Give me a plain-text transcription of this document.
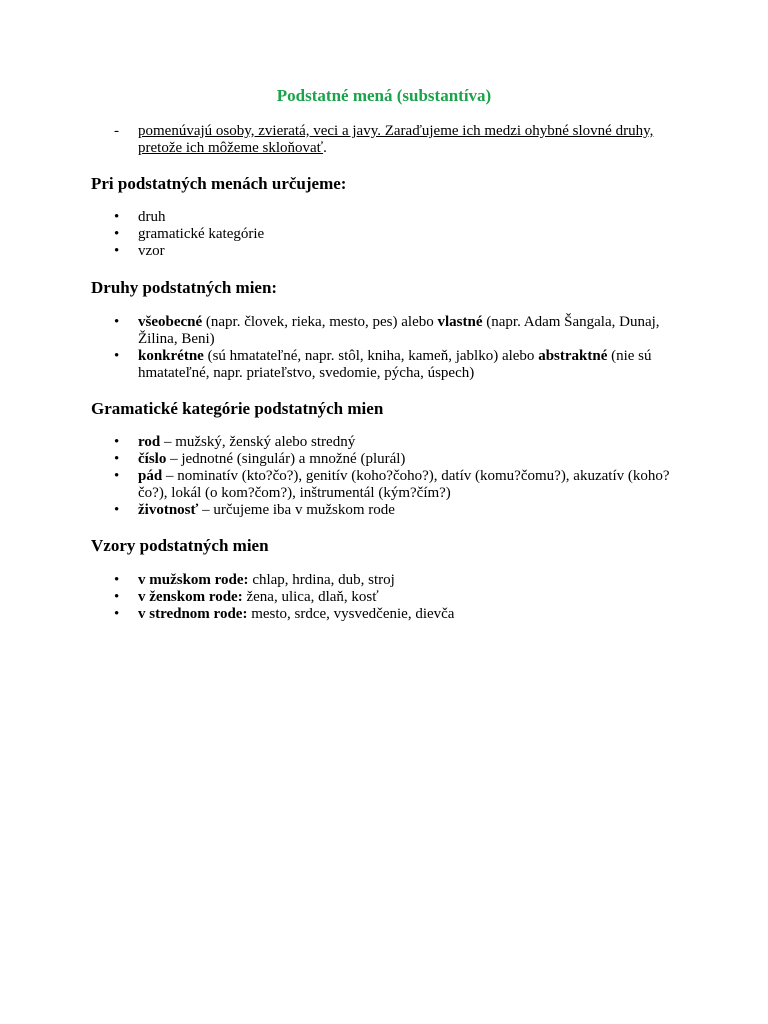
Podstatné mená (substantíva)
-	pomenúvajú osoby, zvieratá, veci a javy. Zaraďujeme ich medzi ohybné slovné druhy, pretože ich môžeme skloňovať.
Pri podstatných menách určujeme:
• druh
• gramatické kategórie
• vzor
Druhy podstatných mien:
• všeobecné (napr. človek, rieka, mesto, pes) alebo vlastné (napr. Adam Šangala, Dunaj, Žilina, Beni)
• konkrétne (sú hmatateľné, napr. stôl, kniha, kameň, jablko) alebo abstraktné (nie sú hmatateľné, napr. priateľstvo, svedomie, pýcha, úspech)
Gramatické kategórie podstatných mien
• rod – mužský, ženský alebo stredný
• číslo – jednotné (singulár) a množné (plurál)
• pád – nominatív (kto?čo?), genitív (koho?čoho?), datív (komu?čomu?), akuzatív (koho?čo?), lokál (o kom?čom?), inštrumentál (kým?čím?)
• životnosť – určujeme iba v mužskom rode
Vzory podstatných mien
• v mužskom rode: chlap, hrdina, dub, stroj
• v ženskom rode: žena, ulica, dlaň, kosť
• v strednom rode: mesto, srdce, vysvedčenie, dievča
